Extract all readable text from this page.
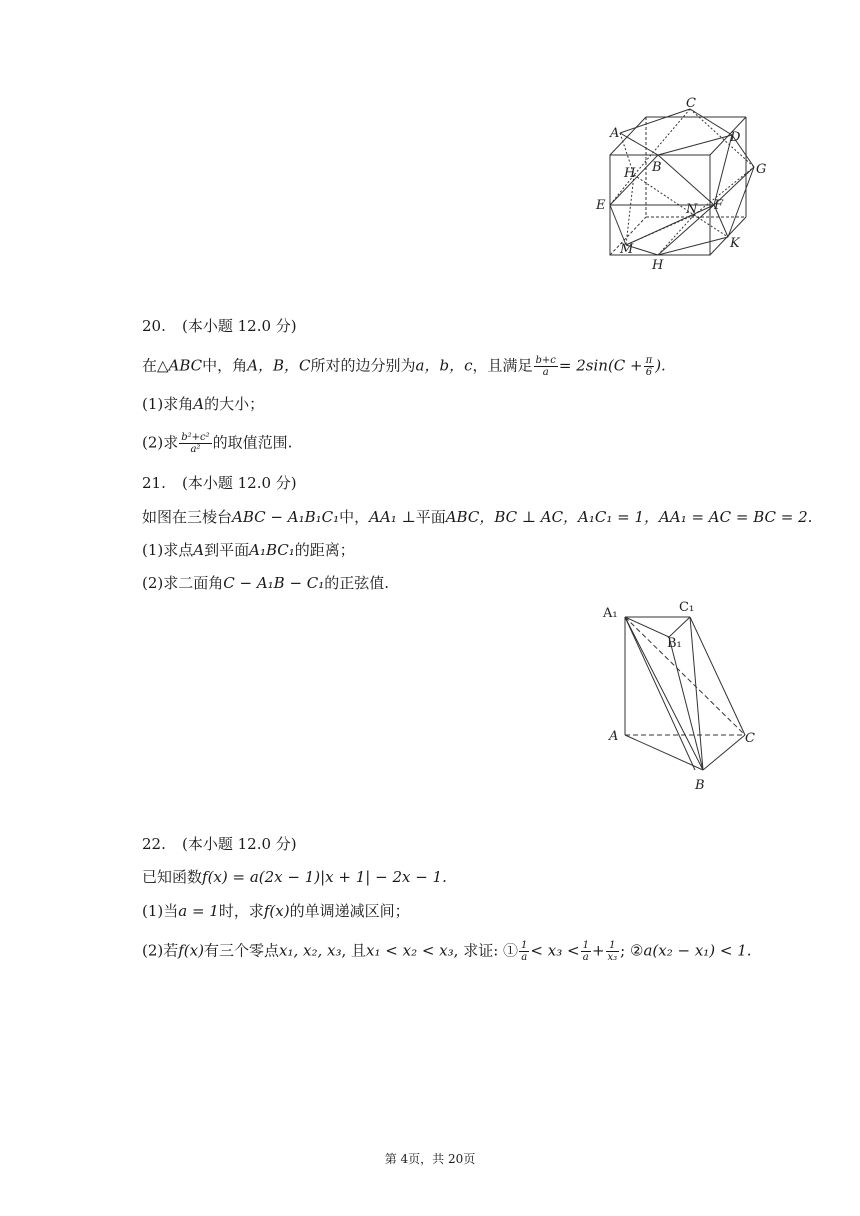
A
B
C
D
G
H
E	N F
M	K
H
20. (本小题 12.0 分)
在△ABC中，角A，B，C所对的边分别为a，b，c，且满足 $\frac{b+c}{a} = 2\sin(C + \frac{\pi}{6}$ ).
(1)求角A的大小；
(2)求 $\frac{\text{b²+c²}}{\text{a²}}$ 的取值范围.
21. (本小题 12.0 分)
如图在三棱台ABC − A₁B₁C₁中，AA₁ ⊥平面ABC，BC ⊥ AC，A₁C₁ = 1，AA₁ = AC = BC = 2.
(1)求点A到平面A₁BC₁的距离；
(2)求二面角C − A₁B − C₁的正弦值.
A₁	C₁
B₁
A	C
B
22. (本小题 12.0 分)
已知函数f(x) = a(2x − 1)|x + 1| − 2x − 1.
(1)当a = 1时，求f(x)的单调递减区间；
(2)若f(x)有三个零点x₁, x₂, x₃, 且x₁ < x₂ < x₃, 求证: ① $\frac{1}{a} < x_3 < \frac{1}{a} + \frac{1}{\text{x₃}}$ ; ②a(x₂ − x₁) < 1.
第 4页，共 20页
